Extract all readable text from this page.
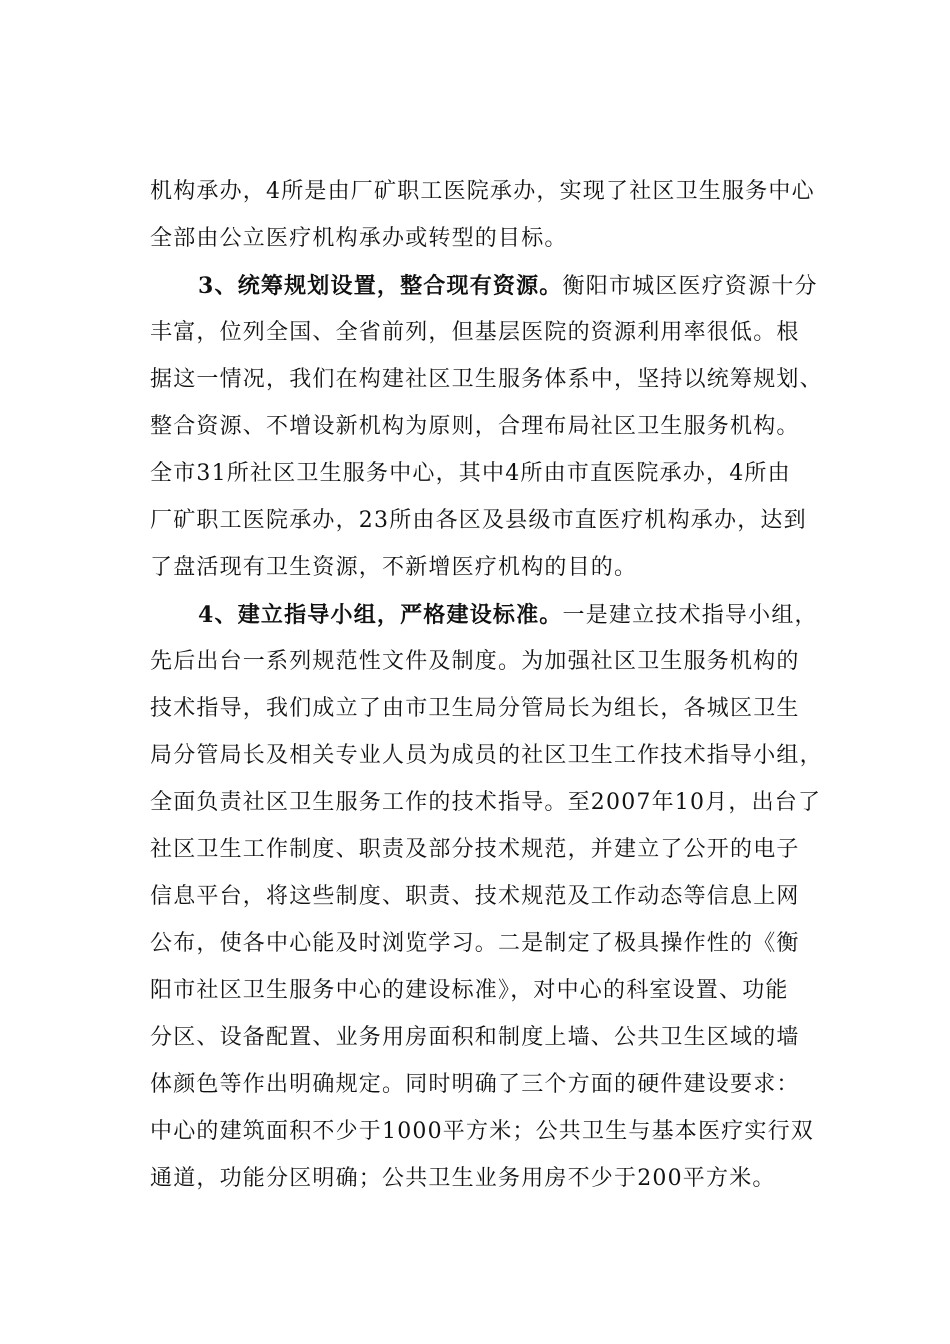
机构承办，4所是由厂矿职工医院承办，实现了社区卫生服务中心
全部由公立医疗机构承办或转型的目标。
3、统筹规划设置，整合现有资源。衡阳市城区医疗资源十分
丰富，位列全国、全省前列，但基层医院的资源利用率很低。根
据这一情况，我们在构建社区卫生服务体系中，坚持以统筹规划、
整合资源、不增设新机构为原则，合理布局社区卫生服务机构。
全市31所社区卫生服务中心，其中4所由市直医院承办，4所由
厂矿职工医院承办，23所由各区及县级市直医疗机构承办，达到
了盘活现有卫生资源，不新增医疗机构的目的。
4、建立指导小组，严格建设标准。一是建立技术指导小组，
先后出台一系列规范性文件及制度。为加强社区卫生服务机构的
技术指导，我们成立了由市卫生局分管局长为组长，各城区卫生
局分管局长及相关专业人员为成员的社区卫生工作技术指导小组，
全面负责社区卫生服务工作的技术指导。至2007年10月，出台了
社区卫生工作制度、职责及部分技术规范，并建立了公开的电子
信息平台，将这些制度、职责、技术规范及工作动态等信息上网
公布，使各中心能及时浏览学习。二是制定了极具操作性的《衡
阳市社区卫生服务中心的建设标准》，对中心的科室设置、功能
分区、设备配置、业务用房面积和制度上墙、公共卫生区域的墙
体颜色等作出明确规定。同时明确了三个方面的硬件建设要求：
中心的建筑面积不少于1000平方米；公共卫生与基本医疗实行双
通道，功能分区明确；公共卫生业务用房不少于200平方米。
